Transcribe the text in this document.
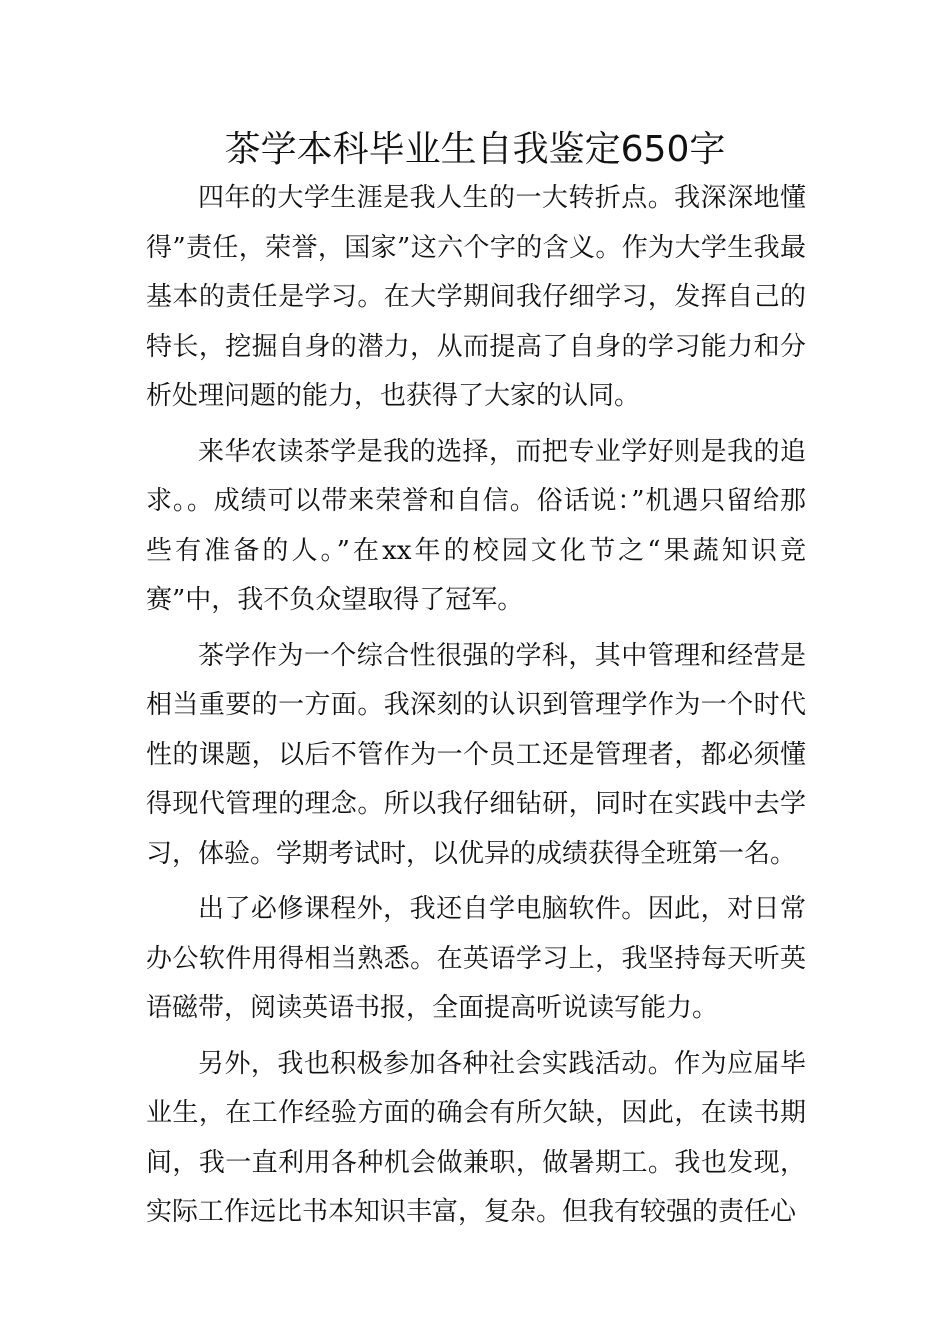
茶学本科毕业生自我鉴定650字

四年的大学生涯是我人生的一大转折点。我深深地懂得”责任，荣誉，国家”这六个字的含义。作为大学生我最基本的责任是学习。在大学期间我仔细学习，发挥自己的特长，挖掘自身的潜力，从而提高了自身的学习能力和分析处理问题的能力，也获得了大家的认同。

来华农读茶学是我的选择，而把专业学好则是我的追求。。成绩可以带来荣誉和自信。俗话说：”机遇只留给那些有准备的人。”在xx年的校园文化节之“果蔬知识竞赛”中，我不负众望取得了冠军。

茶学作为一个综合性很强的学科，其中管理和经营是相当重要的一方面。我深刻的认识到管理学作为一个时代性的课题，以后不管作为一个员工还是管理者，都必须懂得现代管理的理念。所以我仔细钻研，同时在实践中去学习，体验。学期考试时，以优异的成绩获得全班第一名。

出了必修课程外，我还自学电脑软件。因此，对日常办公软件用得相当熟悉。在英语学习上，我坚持每天听英语磁带，阅读英语书报，全面提高听说读写能力。

另外，我也积极参加各种社会实践活动。作为应届毕业生，在工作经验方面的确会有所欠缺，因此，在读书期间，我一直利用各种机会做兼职，做暑期工。我也发现，实际工作远比书本知识丰富，复杂。但我有较强的责任心
